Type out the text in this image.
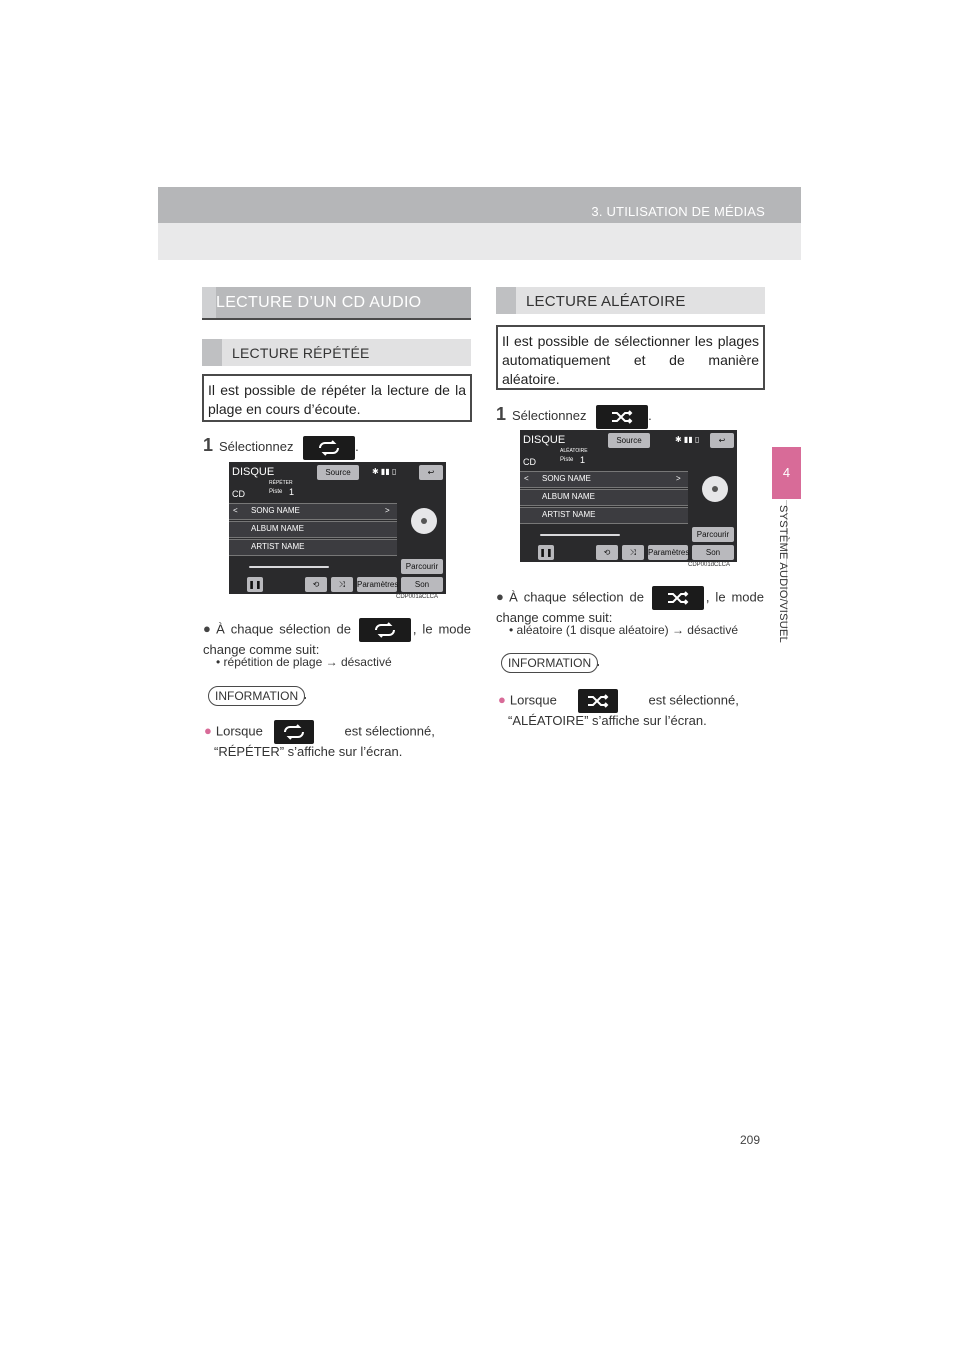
3. UTILISATION DE MÉDIAS
4
SYSTÈME AUDIO/VISUEL
LECTURE D’UN CD AUDIO
LECTURE RÉPÉTÉE
Il est possible de répéter la lecture de la plage en cours d’écoute.
1 Sélectionnez	.
DISQUE	Source	✱ ▮▮ ▯	↩
CD
RÉPÉTER
Piste 1
< SONG NAME	>
ALBUM NAME
ARTIST NAME
Parcourir
❚❚	⟲	⤨	Paramètres	Son
CDP001aCLCA
● À chaque sélection de	, le mode change comme suit:
• répétition de plage → désactivé
INFORMATION
● Lorsque	est sélectionné,
“RÉPÉTER” s’affiche sur l’écran.
LECTURE ALÉATOIRE
Il est possible de sélectionner les plages automatiquement et de manière aléatoire.
1 Sélectionnez	.
DISQUE	Source	✱ ▮▮ ▯	↩
CD
ALÉATOIRE
Piste 1
< SONG NAME	>
ALBUM NAME
ARTIST NAME
Parcourir
❚❚	⟲	⤨	Paramètres	Son
CDP001dCLCA
● À chaque sélection de	, le mode change comme suit:
• aléatoire (1 disque aléatoire) → désactivé
INFORMATION
● Lorsque	est sélectionné,
“ALÉATOIRE” s’affiche sur l’écran.
209
